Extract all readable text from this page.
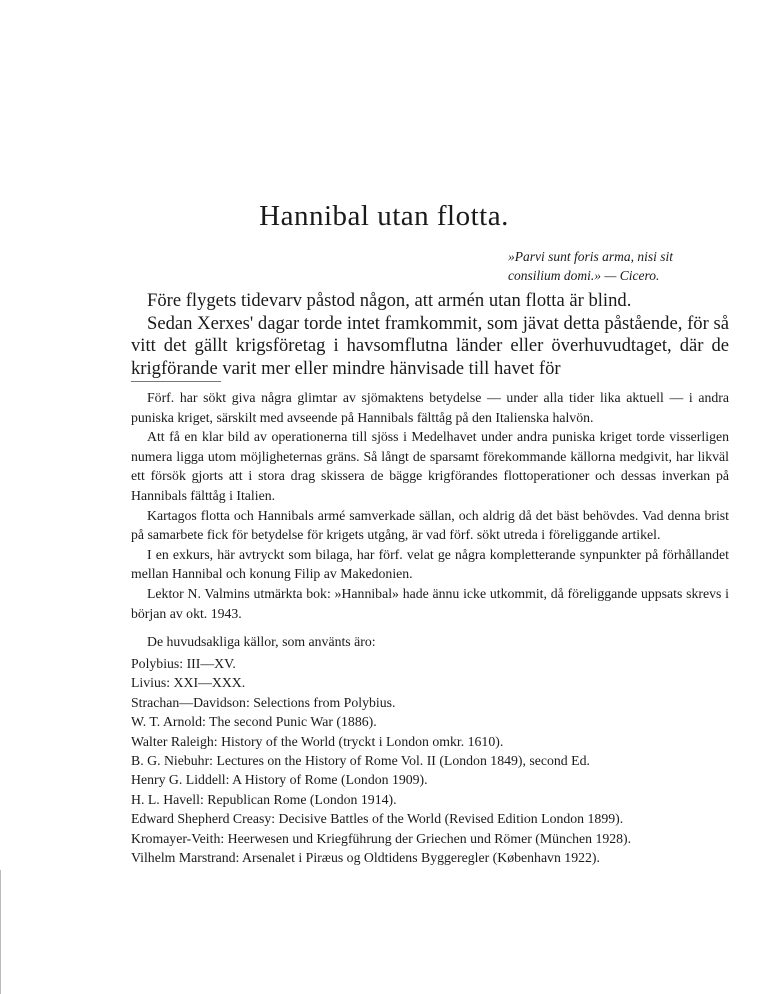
Hannibal utan flotta.
»Parvi sunt foris arma, nisi sit
consilium domi.» — Cicero.

Före flygets tidevarv påstod någon, att armén utan flotta är blind.

Sedan Xerxes' dagar torde intet framkommit, som jävat detta påstående, för så vitt det gällt krigsföretag i havsomflutna länder eller överhuvudtaget, där de krigförande varit mer eller mindre hänvisade till havet för

Förf. har sökt giva några glimtar av sjömaktens betydelse — under alla tider lika aktuell — i andra puniska kriget, särskilt med avseende på Hannibals fälttåg på den Italienska halvön.

Att få en klar bild av operationerna till sjöss i Medelhavet under andra puniska kriget torde visserligen numera ligga utom möjligheternas gräns. Så långt de sparsamt förekommande källorna medgivit, har likväl ett försök gjorts att i stora drag skissera de bägge krigförandes flottoperationer och dessas inverkan på Hannibals fälttåg i Italien.

Kartagos flotta och Hannibals armé samverkade sällan, och aldrig då det bäst behövdes. Vad denna brist på samarbete fick för betydelse för krigets utgång, är vad förf. sökt utreda i föreliggande artikel.

I en exkurs, här avtryckt som bilaga, har förf. velat ge några kompletterande synpunkter på förhållandet mellan Hannibal och konung Filip av Makedonien.

Lektor N. Valmins utmärkta bok: »Hannibal» hade ännu icke utkommit, då föreliggande uppsats skrevs i början av okt. 1943.

De huvudsakliga källor, som använts äro:
Polybius: III—XV.
Livius: XXI—XXX.
Strachan—Davidson: Selections from Polybius.
W. T. Arnold: The second Punic War (1886).
Walter Raleigh: History of the World (tryckt i London omkr. 1610).
B. G. Niebuhr: Lectures on the History of Rome Vol. II (London 1849), second Ed.
Henry G. Liddell: A History of Rome (London 1909).
H. L. Havell: Republican Rome (London 1914).
Edward Shepherd Creasy: Decisive Battles of the World (Revised Edition London 1899).
Kromayer-Veith: Heerwesen und Kriegführung der Griechen und Römer (München 1928).
Vilhelm Marstrand: Arsenalet i Piræus og Oldtidens Byggeregler (København 1922).
